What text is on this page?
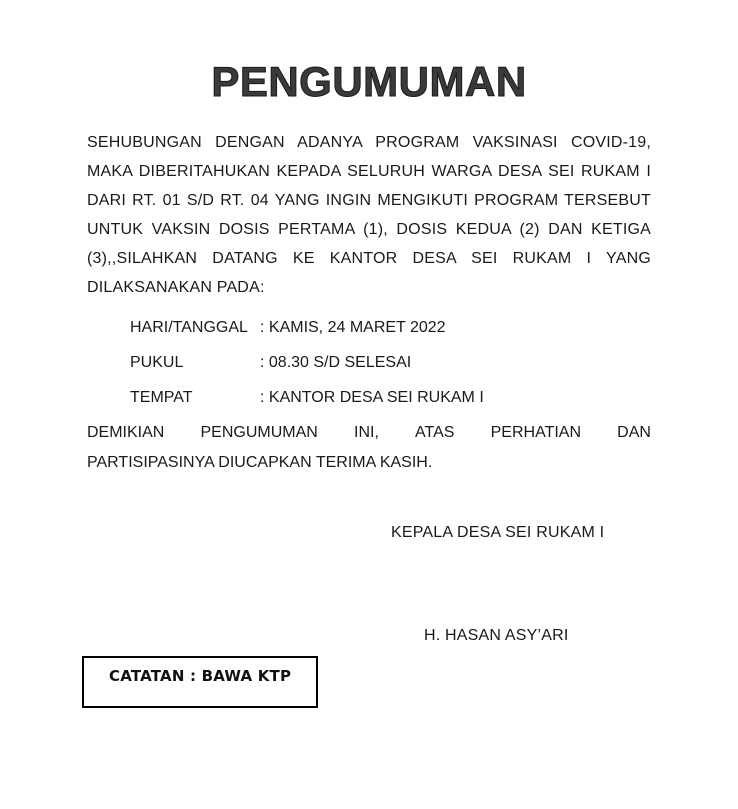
PENGUMUMAN
SEHUBUNGAN DENGAN ADANYA PROGRAM VAKSINASI COVID-19, MAKA DIBERITAHUKAN KEPADA SELURUH WARGA DESA SEI RUKAM I DARI RT. 01 S/D RT. 04 YANG INGIN MENGIKUTI PROGRAM TERSEBUT UNTUK VAKSIN DOSIS PERTAMA (1), DOSIS KEDUA (2) DAN KETIGA (3),,SILAHKAN DATANG KE KANTOR DESA SEI RUKAM I YANG DILAKSANAKAN PADA:
HARI/TANGGAL : KAMIS, 24 MARET 2022
PUKUL	: 08.30 S/D SELESAI
TEMPAT	: KANTOR DESA SEI RUKAM I
DEMIKIAN PENGUMUMAN INI, ATAS PERHATIAN DAN
PARTISIPASINYA DIUCAPKAN TERIMA KASIH.
KEPALA DESA SEI RUKAM I
H. HASAN ASY’ARI
CATATAN : BAWA KTP
